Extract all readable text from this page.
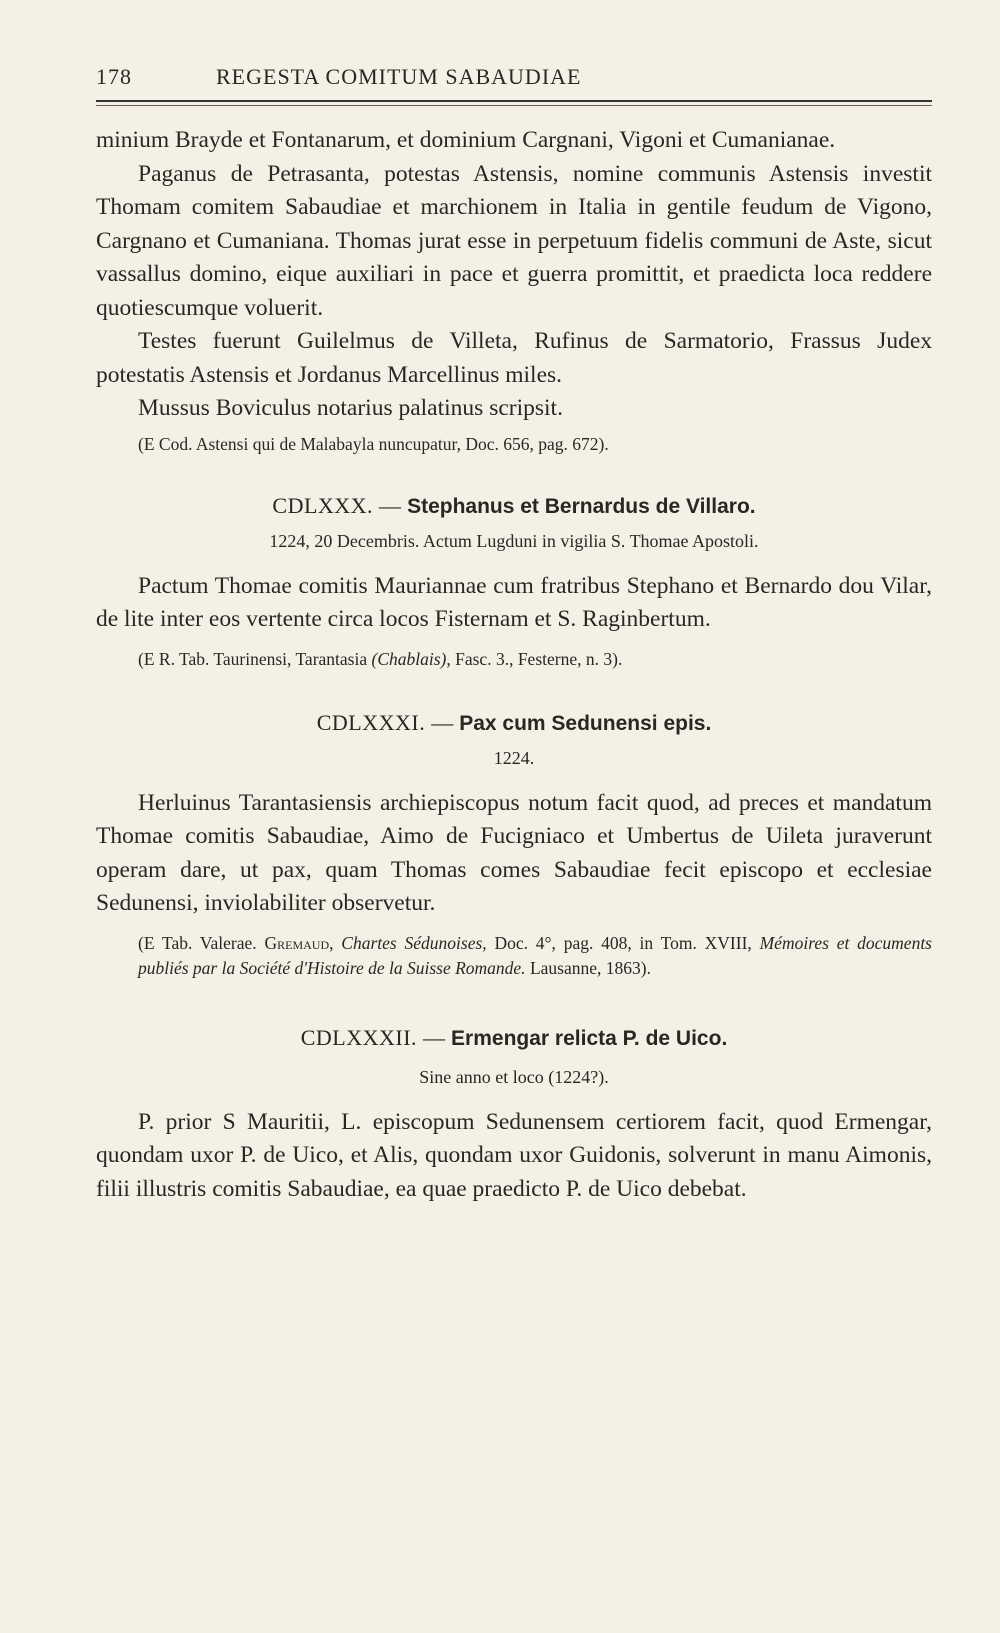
178	REGESTA COMITUM SABAUDIAE

minium Brayde et Fontanarum, et dominium Cargnani, Vigoni et Cumanianae.

Paganus de Petrasanta, potestas Astensis, nomine communis Astensis investit Thomam comitem Sabaudiae et marchionem in Italia in gentile feudum de Vigono, Cargnano et Cumaniana. Thomas jurat esse in perpetuum fidelis communi de Aste, sicut vassallus domino, eique auxiliari in pace et guerra promittit, et praedicta loca reddere quotiescumque voluerit.

Testes fuerunt Guilelmus de Villeta, Rufinus de Sarmatorio, Frassus Judex potestatis Astensis et Jordanus Marcellinus miles.

Mussus Boviculus notarius palatinus scripsit.

(E Cod. Astensi qui de Malabayla nuncupatur, Doc. 656, pag. 672).

CDLXXX. — Stephanus et Bernardus de Villaro.
1224, 20 Decembris. Actum Lugduni in vigilia S. Thomae Apostoli.

Pactum Thomae comitis Mauriannae cum fratribus Stephano et Bernardo dou Vilar, de lite inter eos vertente circa locos Fisternam et S. Raginbertum.

(E R. Tab. Taurinensi, Tarantasia (Chablais), Fasc. 3., Festerne, n. 3).

CDLXXXI. — Pax cum Sedunensi epis.
1224.

Herluinus Tarantasiensis archiepiscopus notum facit quod, ad preces et mandatum Thomae comitis Sabaudiae, Aimo de Fucigniaco et Umbertus de Uileta juraverunt operam dare, ut pax, quam Thomas comes Sabaudiae fecit episcopo et ecclesiae Sedunensi, inviolabiliter observetur.

(E Tab. Valerae. Gremaud, Chartes Sédunoises, Doc. 4°, pag. 408, in Tom. XVIII, Mémoires et documents publiés par la Société d'Histoire de la Suisse Romande. Lausanne, 1863).

CDLXXXII. — Ermengar relicta P. de Uico.
Sine anno et loco (1224?).

P. prior S Mauritii, L. episcopum Sedunensem certiorem facit, quod Ermengar, quondam uxor P. de Uico, et Alis, quondam uxor Guidonis, solverunt in manu Aimonis, filii illustris comitis Sabaudiae, ea quae praedicto P. de Uico debebat.
